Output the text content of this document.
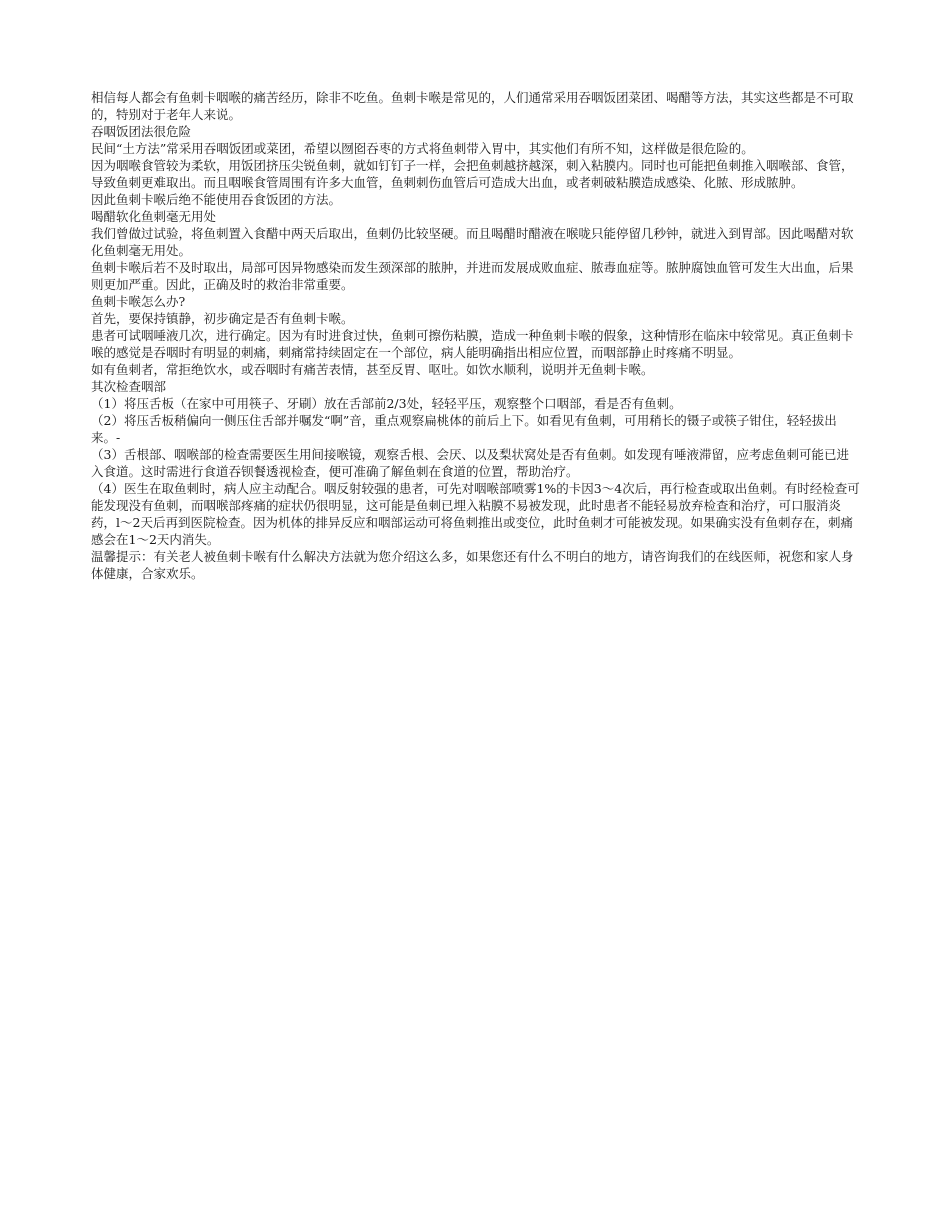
相信每人都会有鱼刺卡咽喉的痛苦经历，除非不吃鱼。鱼刺卡喉是常见的，人们通常采用吞咽饭团菜团、喝醋等方法，其实这些都是不可取的，特别对于老年人来说。

吞咽饭团法很危险

民间“土方法”常采用吞咽饭团或菜团，希望以囫囵吞枣的方式将鱼刺带入胃中，其实他们有所不知，这样做是很危险的。

因为咽喉食管较为柔软，用饭团挤压尖锐鱼刺，就如钉钉子一样，会把鱼刺越挤越深，刺入粘膜内。同时也可能把鱼刺推入咽喉部、食管，导致鱼刺更难取出。而且咽喉食管周围有许多大血管，鱼刺刺伤血管后可造成大出血，或者刺破粘膜造成感染、化脓、形成脓肿。

因此鱼刺卡喉后绝不能使用吞食饭团的方法。

喝醋软化鱼刺毫无用处

我们曾做过试验，将鱼刺置入食醋中两天后取出，鱼刺仍比较坚硬。而且喝醋时醋液在喉咙只能停留几秒钟，就进入到胃部。因此喝醋对软化鱼刺毫无用处。

鱼刺卡喉后若不及时取出，局部可因异物感染而发生颈深部的脓肿，并进而发展成败血症、脓毒血症等。脓肿腐蚀血管可发生大出血，后果则更加严重。因此，正确及时的救治非常重要。

鱼刺卡喉怎么办?

首先，要保持镇静，初步确定是否有鱼刺卡喉。

患者可试咽唾液几次，进行确定。因为有时进食过快，鱼刺可擦伤粘膜，造成一种鱼刺卡喉的假象，这种情形在临床中较常见。真正鱼刺卡喉的感觉是吞咽时有明显的刺痛，刺痛常持续固定在一个部位，病人能明确指出相应位置，而咽部静止时疼痛不明显。

如有鱼刺者，常拒绝饮水，或吞咽时有痛苦表情，甚至反胃、呕吐。如饮水顺利，说明并无鱼刺卡喉。

其次检查咽部

（1）将压舌板（在家中可用筷子、牙刷）放在舌部前2/3处，轻轻平压，观察整个口咽部，看是否有鱼刺。

（2）将压舌板稍偏向一侧压住舌部并嘱发“啊”音，重点观察扁桃体的前后上下。如看见有鱼刺，可用稍长的镊子或筷子钳住，轻轻拔出来。-

（3）舌根部、咽喉部的检查需要医生用间接喉镜，观察舌根、会厌、以及梨状窝处是否有鱼刺。如发现有唾液滞留，应考虑鱼刺可能已进入食道。这时需进行食道吞钡餐透视检查，便可准确了解鱼刺在食道的位置，帮助治疗。

（4）医生在取鱼刺时，病人应主动配合。咽反射较强的患者，可先对咽喉部喷雾1%的卡因3～4次后，再行检查或取出鱼刺。有时经检查可能发现没有鱼刺，而咽喉部疼痛的症状仍很明显，这可能是鱼刺已埋入粘膜不易被发现，此时患者不能轻易放弃检查和治疗，可口服消炎药，l～2天后再到医院检查。因为机体的排异反应和咽部运动可将鱼刺推出或变位，此时鱼刺才可能被发现。如果确实没有鱼刺存在，刺痛感会在1～2天内消失。

温馨提示：有关老人被鱼刺卡喉有什么解决方法就为您介绍这么多，如果您还有什么不明白的地方，请咨询我们的在线医师，祝您和家人身体健康，合家欢乐。
